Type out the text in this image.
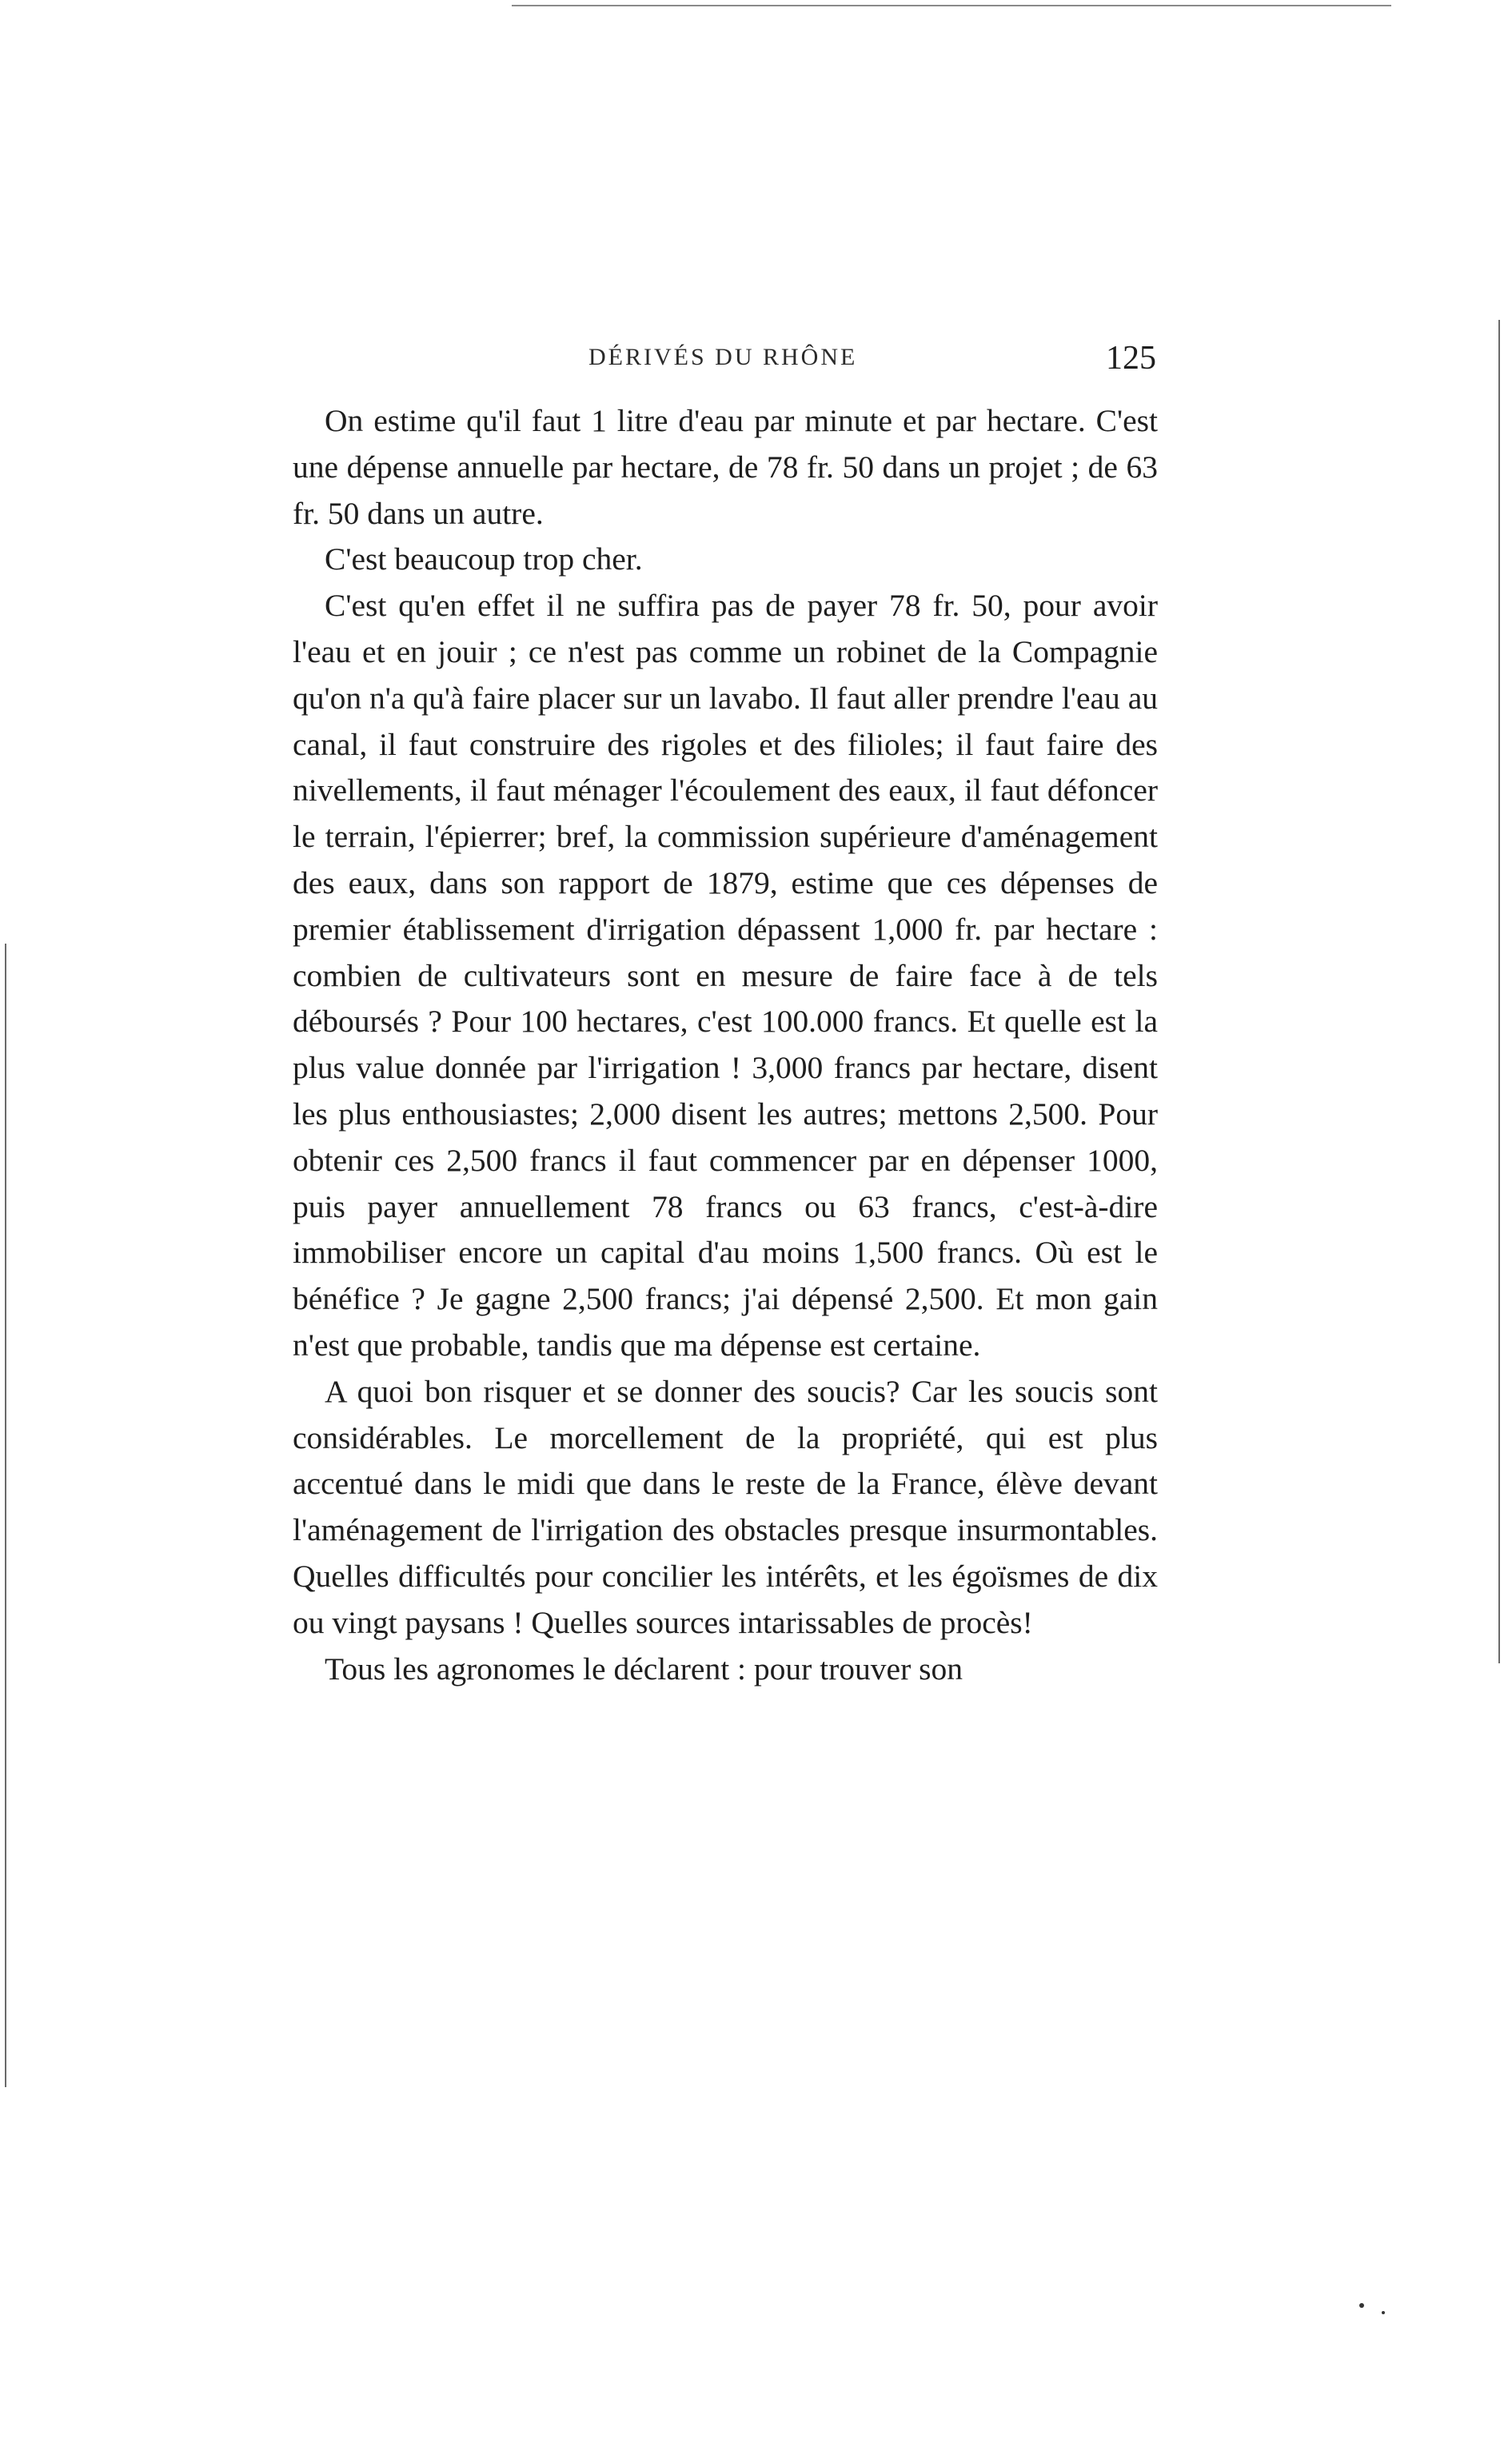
DÉRIVÉS DU RHÔNE	125

On estime qu'il faut 1 litre d'eau par minute et par hectare. C'est une dépense annuelle par hectare, de 78 fr. 50 dans un projet ; de 63 fr. 50 dans un autre.

C'est beaucoup trop cher.

C'est qu'en effet il ne suffira pas de payer 78 fr. 50, pour avoir l'eau et en jouir ; ce n'est pas comme un robinet de la Compagnie qu'on n'a qu'à faire placer sur un lavabo. Il faut aller prendre l'eau au canal, il faut construire des rigoles et des filioles; il faut faire des nivellements, il faut ménager l'écoulement des eaux, il faut défoncer le terrain, l'épierrer; bref, la commission supérieure d'aménagement des eaux, dans son rapport de 1879, estime que ces dépenses de premier établissement d'irrigation dépassent 1,000 fr. par hectare : combien de cultivateurs sont en mesure de faire face à de tels déboursés ? Pour 100 hectares, c'est 100.000 francs. Et quelle est la plus value donnée par l'irrigation ! 3,000 francs par hectare, disent les plus enthousiastes; 2,000 disent les autres; mettons 2,500. Pour obtenir ces 2,500 francs il faut commencer par en dépenser 1000, puis payer annuellement 78 francs ou 63 francs, c'est-à-dire immobiliser encore un capital d'au moins 1,500 francs. Où est le bénéfice ? Je gagne 2,500 francs; j'ai dépensé 2,500. Et mon gain n'est que probable, tandis que ma dépense est certaine.

A quoi bon risquer et se donner des soucis? Car les soucis sont considérables. Le morcellement de la propriété, qui est plus accentué dans le midi que dans le reste de la France, élève devant l'aménagement de l'irrigation des obstacles presque insurmontables. Quelles difficultés pour concilier les intérêts, et les égoïsmes de dix ou vingt paysans ! Quelles sources intarissables de procès!

Tous les agronomes le déclarent : pour trouver son
